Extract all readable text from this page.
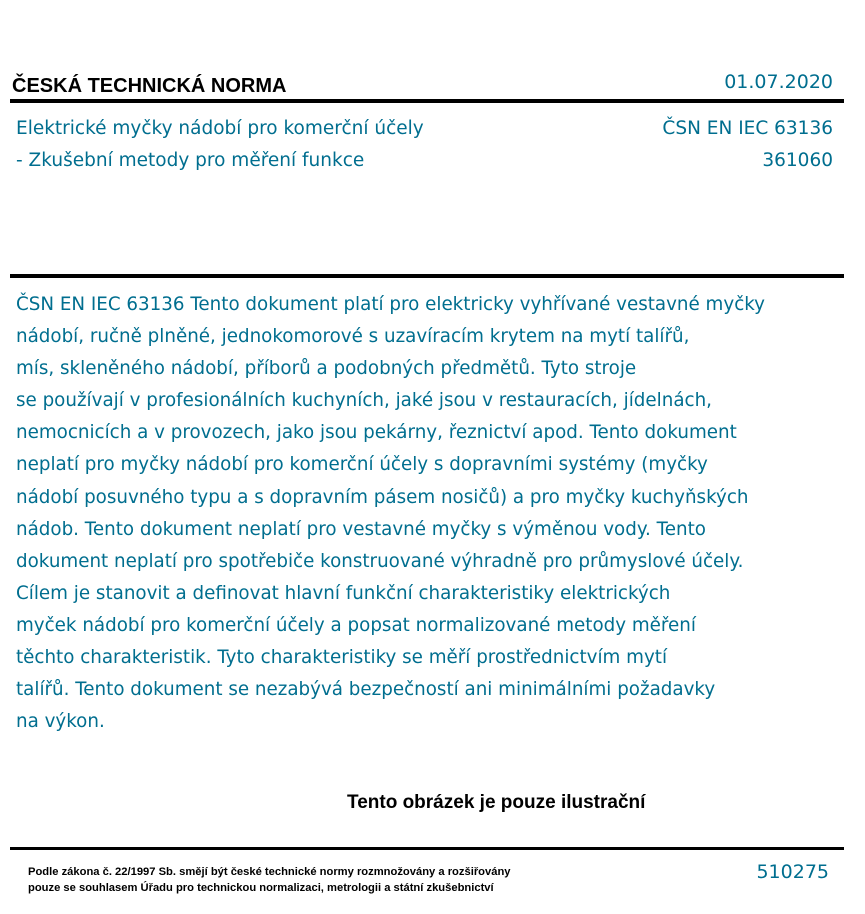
ČESKÁ TECHNICKÁ NORMA	01.07.2020
Elektrické myčky nádobí pro komerční účely
- Zkušební metody pro měření funkce
ČSN EN IEC 63136
361060
ČSN EN IEC 63136 Tento dokument platí pro elektricky vyhřívané vestavné myčky
nádobí, ručně plněné, jednokomorové s uzavíracím krytem na mytí talířů,
mís, skleněného nádobí, příborů a podobných předmětů. Tyto stroje
se používají v profesionálních kuchyních, jaké jsou v restauracích, jídelnách,
nemocnicích a v provozech, jako jsou pekárny, řeznictví apod. Tento dokument
neplatí pro myčky nádobí pro komerční účely s dopravními systémy (myčky
nádobí posuvného typu a s dopravním pásem nosičů) a pro myčky kuchyňských
nádob. Tento dokument neplatí pro vestavné myčky s výměnou vody. Tento
dokument neplatí pro spotřebiče konstruované výhradně pro průmyslové účely.
Cílem je stanovit a definovat hlavní funkční charakteristiky elektrických
myček nádobí pro komerční účely a popsat normalizované metody měření
těchto charakteristik. Tyto charakteristiky se měří prostřednictvím mytí
talířů. Tento dokument se nezabývá bezpečností ani minimálními požadavky
na výkon.
Tento obrázek je pouze ilustrační
Podle zákona č. 22/1997 Sb. smějí být české technické normy rozmnožovány a rozšiřovány
pouze se souhlasem Úřadu pro technickou normalizaci, metrologii a státní zkušebnictví
510275
